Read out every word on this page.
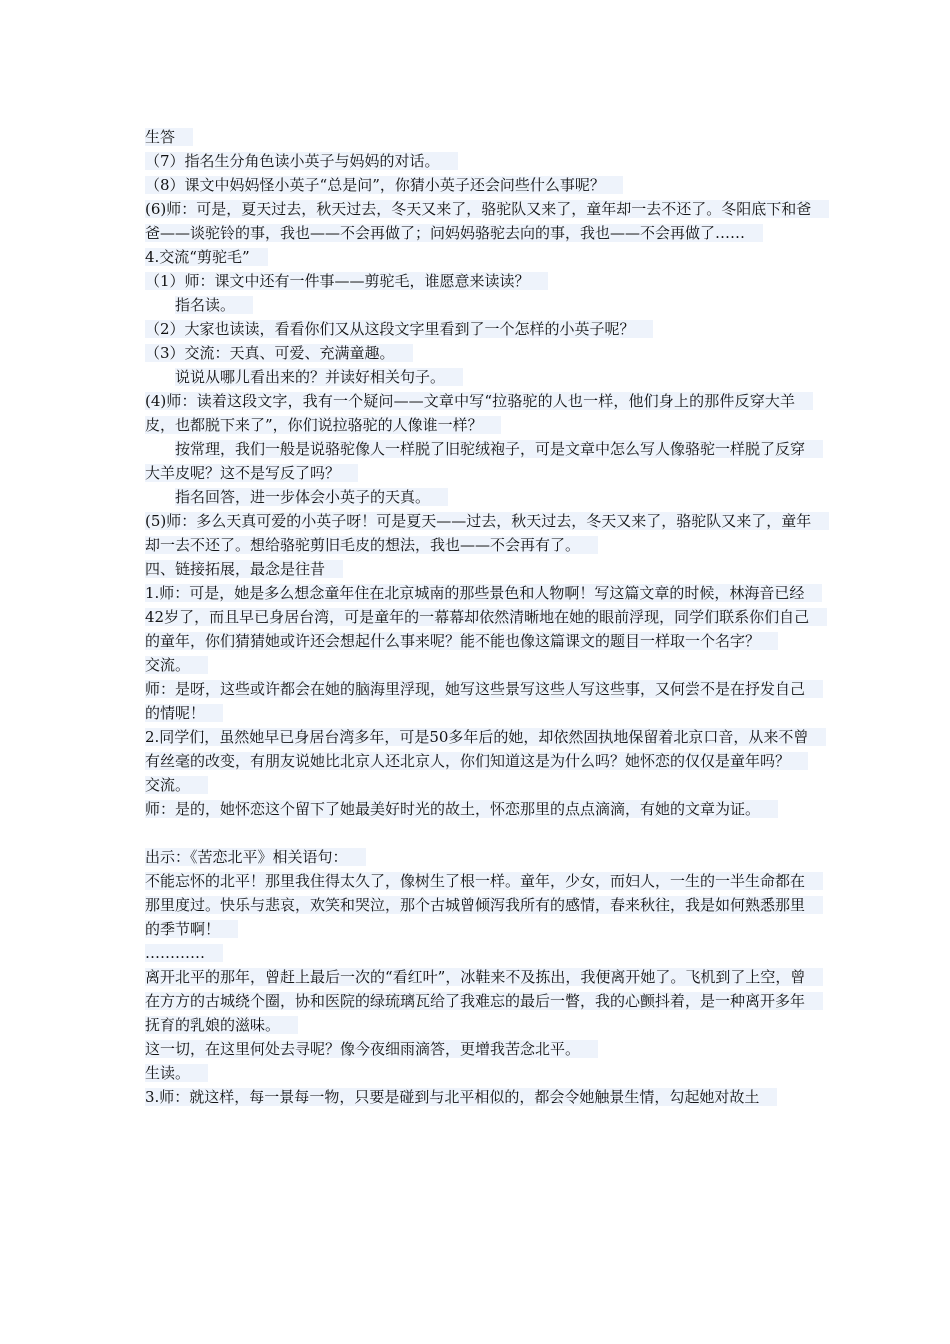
生答

（7）指名生分角色读小英子与妈妈的对话。

（8）课文中妈妈怪小英子“总是问”，你猜小英子还会问些什么事呢？

(6)师：可是，夏天过去，秋天过去，冬天又来了，骆驼队又来了，童年却一去不还了。冬阳底下和爸爸——谈驼铃的事，我也——不会再做了；问妈妈骆驼去向的事，我也——不会再做了……

4.交流“剪驼毛”

（1）师：课文中还有一件事——剪驼毛，谁愿意来读读？

指名读。

（2）大家也读读，看看你们又从这段文字里看到了一个怎样的小英子呢？

（3）交流：天真、可爱、充满童趣。

说说从哪儿看出来的？并读好相关句子。

(4)师：读着这段文字，我有一个疑问——文章中写“拉骆驼的人也一样，他们身上的那件反穿大羊皮，也都脱下来了”，你们说拉骆驼的人像谁一样？

按常理，我们一般是说骆驼像人一样脱了旧驼绒袍子，可是文章中怎么写人像骆驼一样脱了反穿大羊皮呢？这不是写反了吗？

指名回答，进一步体会小英子的天真。

(5)师：多么天真可爱的小英子呀！可是夏天——过去，秋天过去，冬天又来了，骆驼队又来了，童年却一去不还了。想给骆驼剪旧毛皮的想法，我也——不会再有了。

四、链接拓展，最念是往昔

1.师：可是，她是多么想念童年住在北京城南的那些景色和人物啊！写这篇文章的时候，林海音已经42岁了，而且早已身居台湾，可是童年的一幕幕却依然清晰地在她的眼前浮现，同学们联系你们自己的童年，你们猜猜她或许还会想起什么事来呢？能不能也像这篇课文的题目一样取一个名字？

交流。

师：是呀，这些或许都会在她的脑海里浮现，她写这些景写这些人写这些事，又何尝不是在抒发自己的情呢！

2.同学们，虽然她早已身居台湾多年，可是50多年后的她，却依然固执地保留着北京口音，从来不曾有丝毫的改变，有朋友说她比北京人还北京人，你们知道这是为什么吗？她怀恋的仅仅是童年吗？

交流。

师：是的，她怀恋这个留下了她最美好时光的故土，怀恋那里的点点滴滴，有她的文章为证。

出示：《苦恋北平》相关语句：

不能忘怀的北平！那里我住得太久了，像树生了根一样。童年，少女，而妇人，一生的一半生命都在那里度过。快乐与悲哀，欢笑和哭泣，那个古城曾倾泻我所有的感情，春来秋往，我是如何熟悉那里的季节啊！

…………

离开北平的那年，曾赶上最后一次的“看红叶”，冰鞋来不及拣出，我便离开她了。飞机到了上空，曾在方方的古城绕个圈，协和医院的绿琉璃瓦给了我难忘的最后一瞥，我的心颤抖着，是一种离开多年抚育的乳娘的滋味。

这一切，在这里何处去寻呢？像今夜细雨滴答，更增我苦念北平。

生读。

3.师：就这样，每一景每一物，只要是碰到与北平相似的，都会令她触景生情，勾起她对故土
